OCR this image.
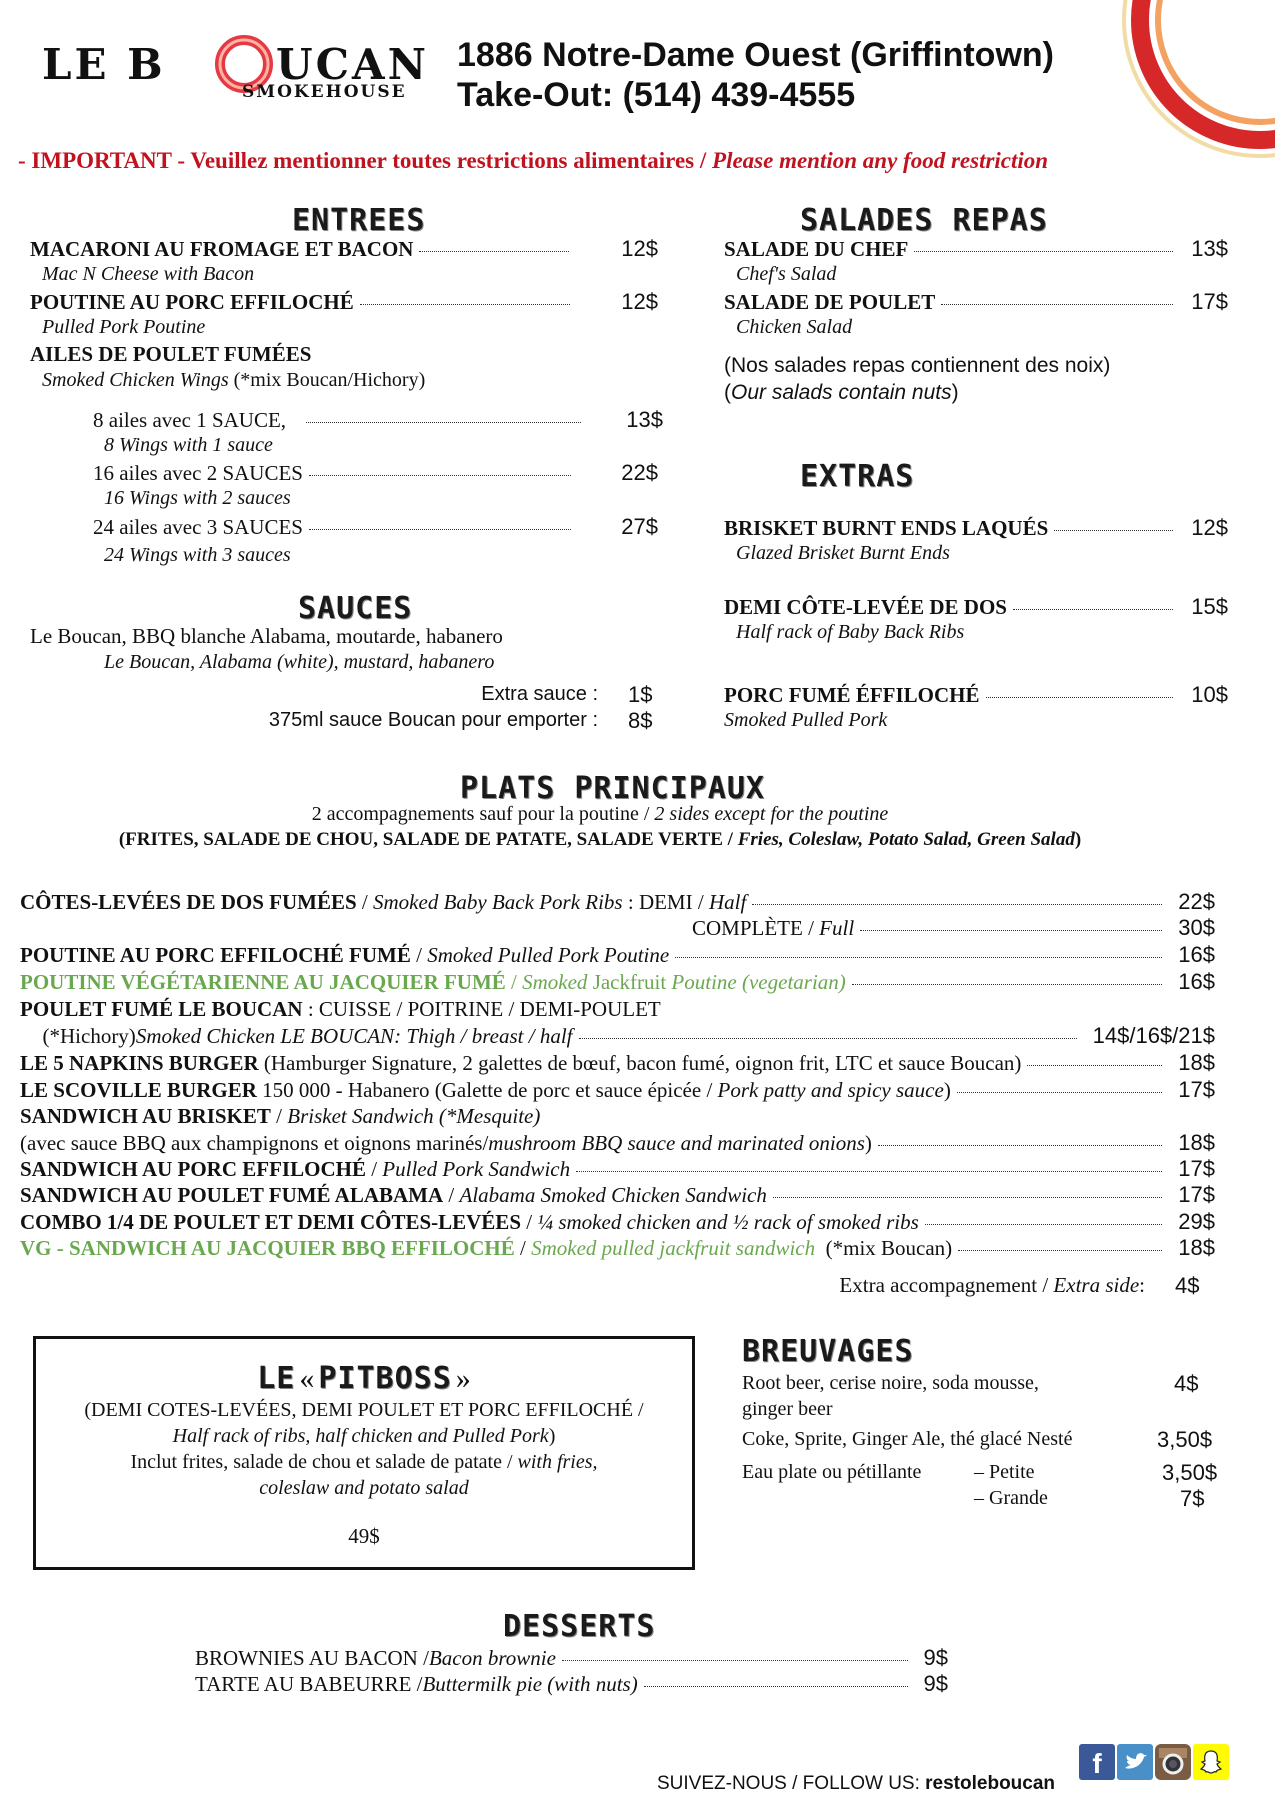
LE B	UCAN
SMOKEHOUSE
1886 Notre-Dame Ouest (Griffintown)
Take-Out: (514) 439-4555
- IMPORTANT - Veuillez mentionner toutes restrictions alimentaires / Please mention any food restriction
ENTREES
MACARONI AU FROMAGE ET BACON	12$
Mac N Cheese with Bacon
POUTINE AU PORC EFFILOCHÉ	12$
Pulled Pork Poutine
AILES DE POULET FUMÉES
Smoked Chicken Wings (*mix Boucan/Hichory)
8 ailes avec 1 SAUCE,	13$
8 Wings with 1 sauce
16 ailes avec 2 SAUCES	22$
16 Wings with 2 sauces
24 ailes avec 3 SAUCES	27$
24 Wings with 3 sauces
SAUCES
Le Boucan, BBQ blanche Alabama, moutarde, habanero
Le Boucan, Alabama (white), mustard, habanero
Extra sauce : 1$
375ml sauce Boucan pour emporter : 8$
SALADES REPAS
SALADE DU CHEF	13$
Chef's Salad
SALADE DE POULET	17$
Chicken Salad
(Nos salades repas contiennent des noix)
(Our salads contain nuts)
EXTRAS
BRISKET BURNT ENDS LAQUÉS	12$
Glazed Brisket Burnt Ends
DEMI CÔTE-LEVÉE DE DOS	15$
Half rack of Baby Back Ribs
PORC FUMÉ ÉFFILOCHÉ	10$
Smoked Pulled Pork
PLATS PRINCIPAUX
2 accompagnements sauf pour la poutine / 2 sides except for the poutine
(FRITES, SALADE DE CHOU, SALADE DE PATATE, SALADE VERTE / Fries, Coleslaw, Potato Salad, Green Salad)
CÔTES-LEVÉES DE DOS FUMÉES / Smoked Baby Back Pork Ribs : DEMI / Half	22$
COMPLÈTE / Full	30$
POUTINE AU PORC EFFILOCHÉ FUMÉ / Smoked Pulled Pork Poutine	16$
POUTINE VÉGÉTARIENNE AU JACQUIER FUMÉ / Smoked Jackfruit Poutine (vegetarian)	16$
POULET FUMÉ LE BOUCAN : CUISSE / POITRINE / DEMI-POULET
(*Hichory) Smoked Chicken LE BOUCAN: Thigh / breast / half	14$/16$/21$
LE 5 NAPKINS BURGER (Hamburger Signature, 2 galettes de bœuf, bacon fumé, oignon frit, LTC et sauce Boucan)	18$
LE SCOVILLE BURGER 150 000 - Habanero (Galette de porc et sauce épicée / Pork patty and spicy sauce )	17$
SANDWICH AU BRISKET / Brisket Sandwich (*Mesquite)
(avec sauce BBQ aux champignons et oignons marinés/ mushroom BBQ sauce and marinated onions )	18$
SANDWICH AU PORC EFFILOCHÉ / Pulled Pork Sandwich	17$
SANDWICH AU POULET FUMÉ ALABAMA / Alabama Smoked Chicken Sandwich	17$
COMBO 1/4 DE POULET ET DEMI CÔTES-LEVÉES / ¼ smoked chicken and ½ rack of smoked ribs	29$
VG - SANDWICH AU JACQUIER BBQ EFFILOCHÉ / Smoked pulled jackfruit sandwich (*mix Boucan)	18$
Extra accompagnement / Extra side: 4$
LE « PITBOSS »
(DEMI COTES-LEVÉES, DEMI POULET ET PORC EFFILOCHÉ /
Half rack of ribs, half chicken and Pulled Pork)
Inclut frites, salade de chou et salade de patate / with fries,
coleslaw and potato salad
49$
BREUVAGES
Root beer, cerise noire, soda mousse,	4$
ginger beer
Coke, Sprite, Ginger Ale, thé glacé Nesté	3,50$
Eau plate ou pétillante	– Petite	3,50$
– Grande	7$
DESSERTS
BROWNIES AU BACON / Bacon brownie	9$
TARTE AU BABEURRE / Buttermilk pie (with nuts)	9$
SUIVEZ-NOUS / FOLLOW US: restoleboucan
f
